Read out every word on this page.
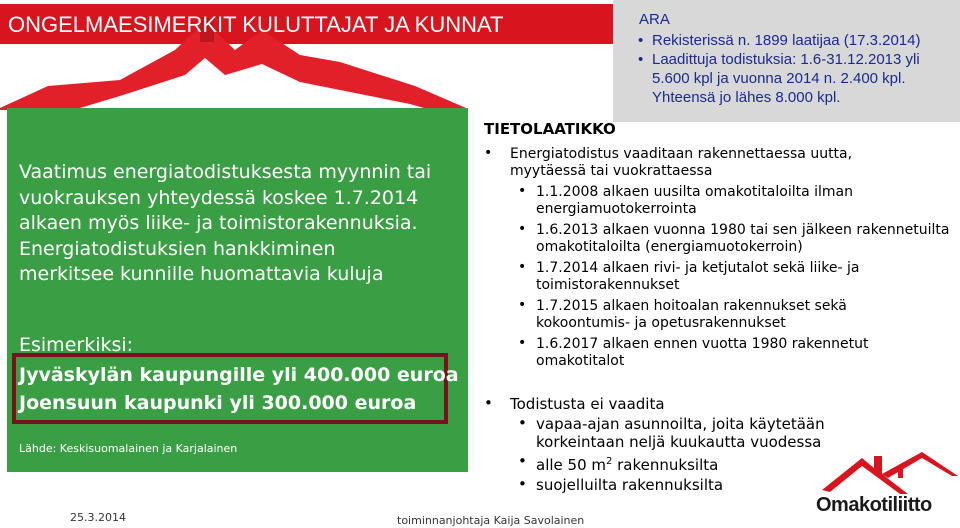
ONGELMAESIMERKIT KULUTTAJAT JA KUNNAT
Vaatimus energiatodistuksesta myynnin tai
vuokrauksen yhteydessä koskee 1.7.2014
alkaen myös liike- ja toimistorakennuksia.
Energiatodistuksien hankkiminen
merkitsee kunnille huomattavia kuluja
Esimerkiksi:
Jyväskylän kaupungille yli 400.000 euroa
Joensuun kaupunki yli 300.000 euroa
Lähde: Keskisuomalainen ja Karjalainen
ARA
• Rekisterissä n. 1899 laatijaa (17.3.2014)
• Laadittuja todistuksia: 1.6-31.12.2013 yli 5.600 kpl ja vuonna 2014 n. 2.400 kpl. Yhteensä jo lähes 8.000 kpl.
TIETOLAATIKKO
• Energiatodistus vaaditaan rakennettaessa uutta, myytäessä tai vuokrattaessa
• 1.1.2008 alkaen uusilta omakotitaloilta ilman energiamuotokerrointa
• 1.6.2013 alkaen vuonna 1980 tai sen jälkeen rakennetuilta omakotitaloilta (energiamuotokerroin)
• 1.7.2014 alkaen rivi- ja ketjutalot sekä liike- ja toimistorakennukset
• 1.7.2015 alkaen hoitoalan rakennukset sekä kokoontumis- ja opetusrakennukset
• 1.6.2017 alkaen ennen vuotta 1980 rakennetut omakotitalot
• Todistusta ei vaadita
• vapaa-ajan asunnoilta, joita käytetään korkeintaan neljä kuukautta vuodessa
• alle 50 $m^2$ rakennuksilta
• suojelluilta rakennuksilta
25.3.2014	toiminnanjohtaja Kaija Savolainen
Omakotiliitto
